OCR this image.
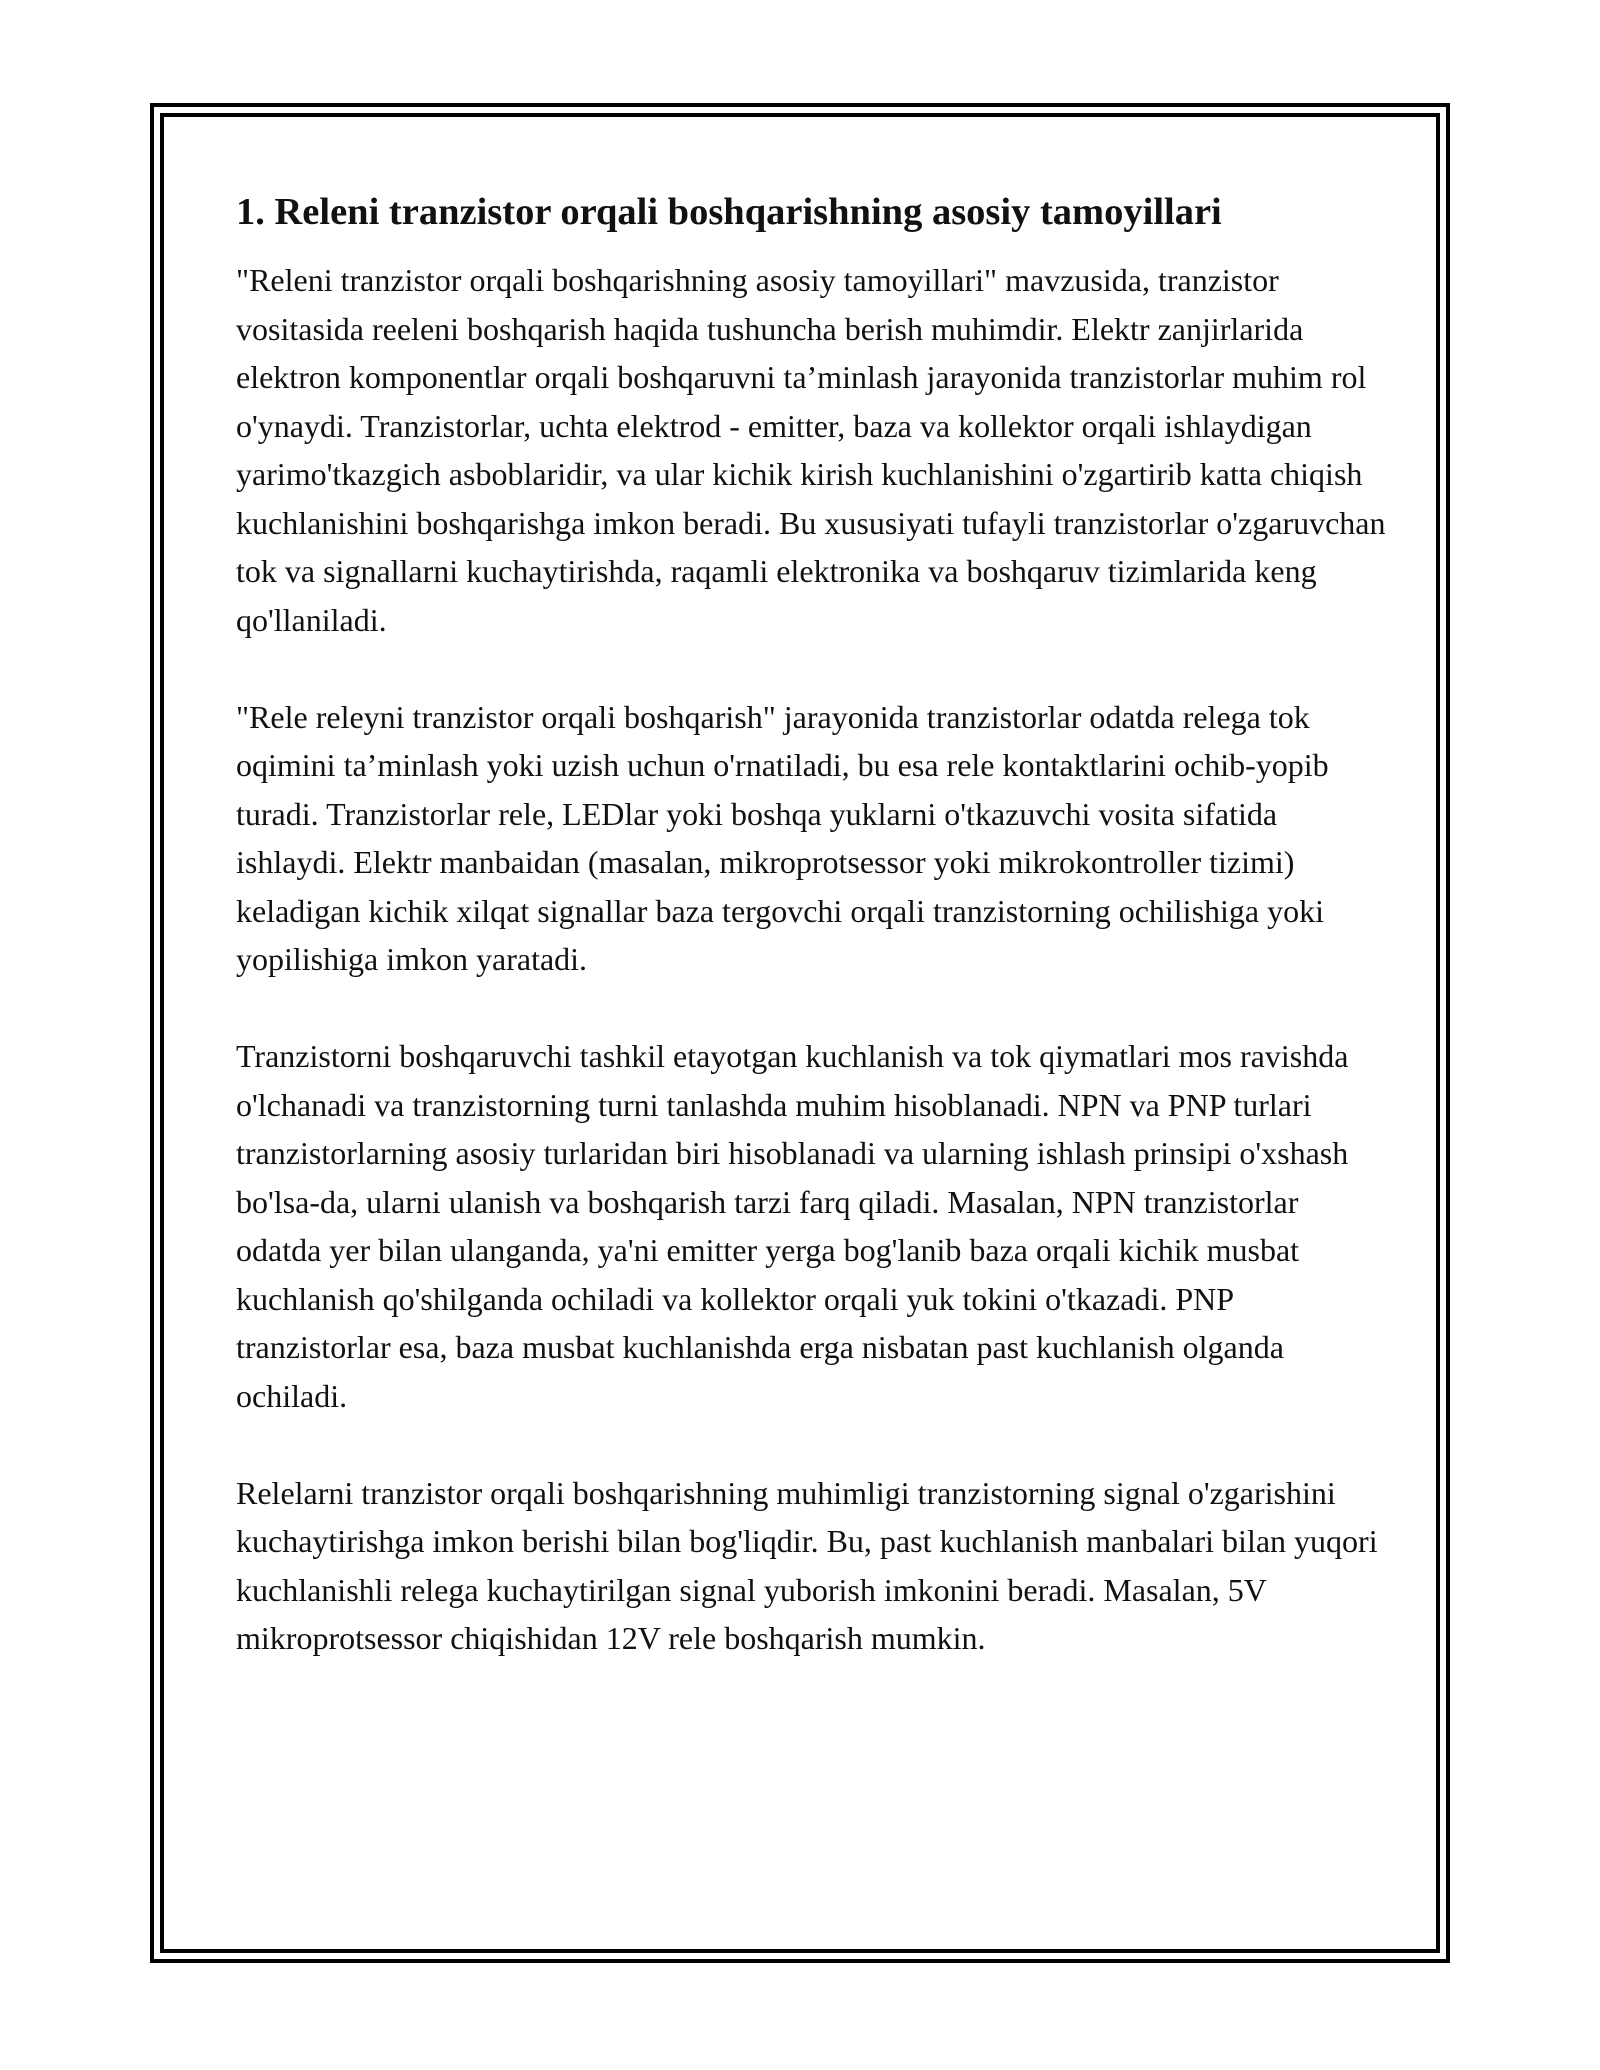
1. Releni tranzistor orqali boshqarishning asosiy tamoyillari

"Releni tranzistor orqali boshqarishning asosiy tamoyillari" mavzusida, tranzistor vositasida reeleni boshqarish haqida tushuncha berish muhimdir. Elektr zanjirlarida elektron komponentlar orqali boshqaruvni ta’minlash jarayonida tranzistorlar muhim rol o'ynaydi. Tranzistorlar, uchta elektrod - emitter, baza va kollektor orqali ishlaydigan yarimo'tkazgich asboblaridir, va ular kichik kirish kuchlanishini o'zgartirib katta chiqish kuchlanishini boshqarishga imkon beradi. Bu xususiyati tufayli tranzistorlar o'zgaruvchan tok va signallarni kuchaytirishda, raqamli elektronika va boshqaruv tizimlarida keng qo'llaniladi.

"Rele releyni tranzistor orqali boshqarish" jarayonida tranzistorlar odatda relega tok oqimini ta’minlash yoki uzish uchun o'rnatiladi, bu esa rele kontaktlarini ochib-yopib turadi. Tranzistorlar rele, LEDlar yoki boshqa yuklarni o'tkazuvchi vosita sifatida ishlaydi. Elektr manbaidan (masalan, mikroprotsessor yoki mikrokontroller tizimi) keladigan kichik xilqat signallar baza tergovchi orqali tranzistorning ochilishiga yoki yopilishiga imkon yaratadi.

Tranzistorni boshqaruvchi tashkil etayotgan kuchlanish va tok qiymatlari mos ravishda o'lchanadi va tranzistorning turni tanlashda muhim hisoblanadi. NPN va PNP turlari tranzistorlarning asosiy turlaridan biri hisoblanadi va ularning ishlash prinsipi o'xshash bo'lsa-da, ularni ulanish va boshqarish tarzi farq qiladi. Masalan, NPN tranzistorlar odatda yer bilan ulanganda, ya'ni emitter yerga bog'lanib baza orqali kichik musbat kuchlanish qo'shilganda ochiladi va kollektor orqali yuk tokini o'tkazadi. PNP tranzistorlar esa, baza musbat kuchlanishda erga nisbatan past kuchlanish olganda ochiladi.

Relelarni tranzistor orqali boshqarishning muhimligi tranzistorning signal o'zgarishini kuchaytirishga imkon berishi bilan bog'liqdir. Bu, past kuchlanish manbalari bilan yuqori kuchlanishli relega kuchaytirilgan signal yuborish imkonini beradi. Masalan, 5V mikroprotsessor chiqishidan 12V rele boshqarish mumkin.
